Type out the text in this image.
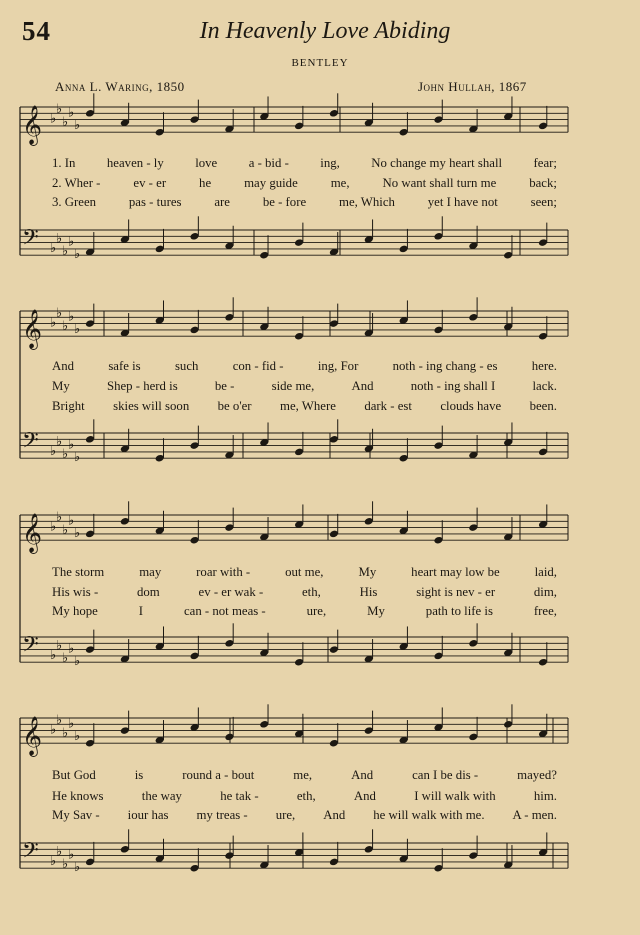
54	In Heavenly Love Abiding
BENTLEY
Anna L. Waring, 1850	John Hullah, 1867
𝄞 ♭
♭
♭
♭
♭
𝄢 ♭
♭
♭
♭
♭
𝄞 ♭
♭
♭
♭
♭
𝄢 ♭
♭
♭
♭
♭
𝄞 ♭
♭
♭
♭
♭
𝄢 ♭
♭
♭
♭
♭
𝄞 ♭
♭
♭
♭
♭
𝄢 ♭
♭
♭
♭
♭
1. In heaven - ly love a - bid - ing, No change my heart shall fear;
2. Wher -	ev - er	he	may guide	me,	No want shall turn me	back;
3. Green	pas - tures	are	be - fore	me, Which	yet I have not	seen;
And	safe is	such	con - fid -	ing, For	noth - ing chang - es	here.
My	Shep - herd is	be -	side me,	And	noth - ing shall I	lack.
Bright skies will soon be o'er me, Where dark - est clouds have been.
The storm	may	roar with -	out me,	My	heart may low be	laid,
His wis -	dom	ev - er wak -	eth,	His	sight is nev - er	dim,
My hope	I	can - not meas -	ure,	My	path to life is	free,
But God	is	round a - bout	me,	And	can I be dis -	mayed?
He knows	the way	he tak -	eth,	And	I will walk with	him.
My Sav - iour has my treas - ure, And he will walk with me. A - men.
